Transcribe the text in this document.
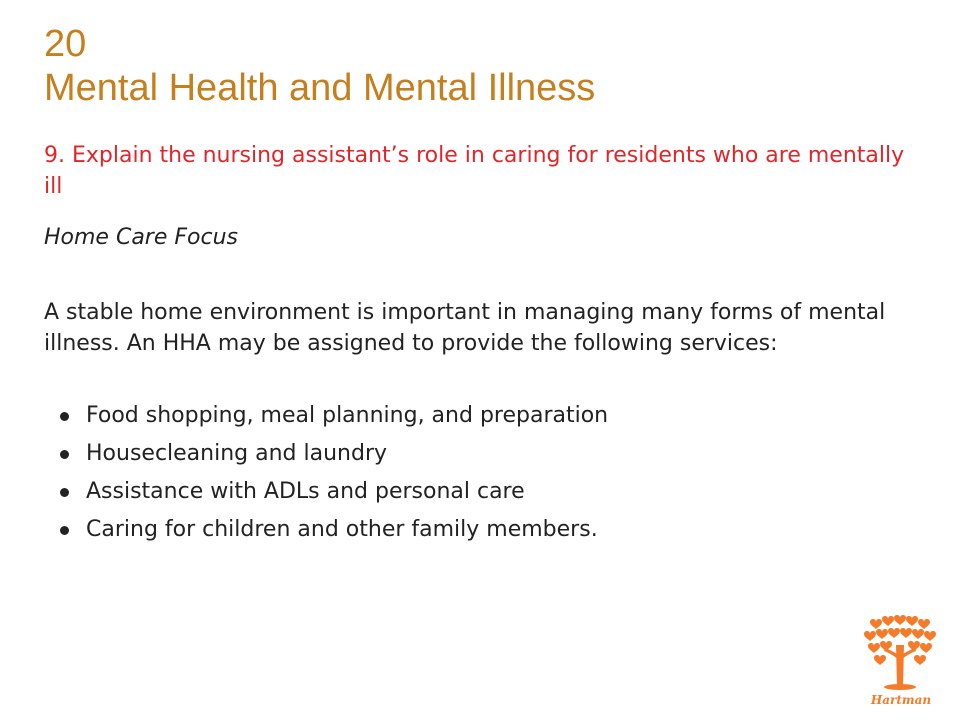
20
Mental Health and Mental Illness
9. Explain the nursing assistant’s role in caring for residents who are mentally ill
Home Care Focus
A stable home environment is important in managing many forms of mental illness. An HHA may be assigned to provide the following services:
Food shopping, meal planning, and preparation
Housecleaning and laundry
Assistance with ADLs and personal care
Caring for children and other family members.
Hartman
